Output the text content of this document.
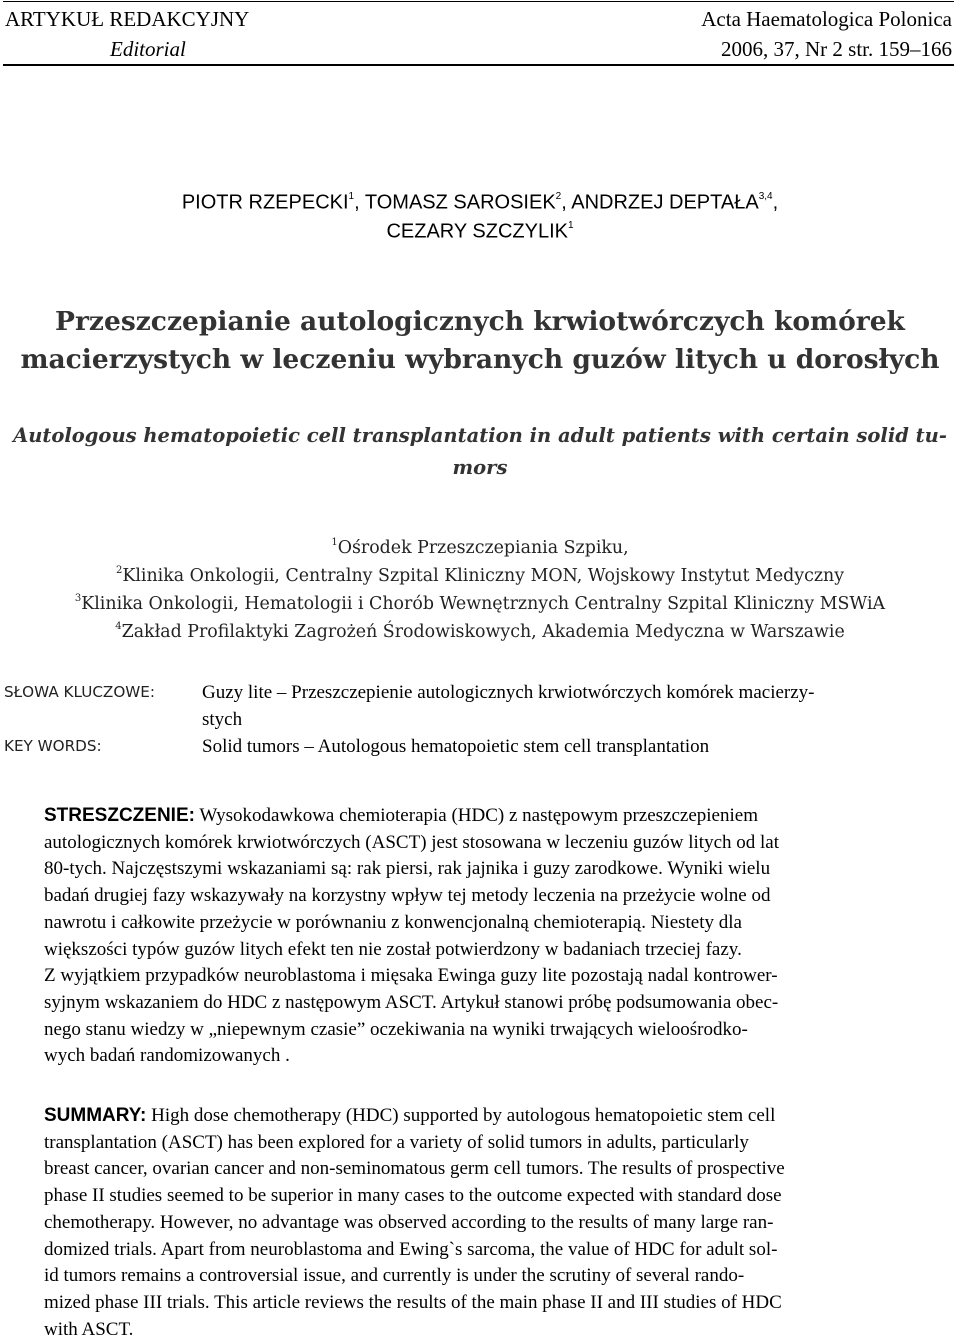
ARTYKUŁ REDAKCYJNY
Editorial
Acta Haematologica Polonica
2006, 37, Nr 2 str. 159–166
PIOTR RZEPECKI$^1$, TOMASZ SAROSIEK$^2$, ANDRZEJ DEPTAŁA$^{3,4}$,
CEZARY SZCZYLIK$^1$
Przeszczepianie autologicznych krwiotwórczych komórek
macierzystych w leczeniu wybranych guzów litych u dorosłych
Autologous hematopoietic cell transplantation in adult patients with certain solid tu-
mors
$^1$Ośrodek Przeszczepiania Szpiku,
$^2$Klinika Onkologii, Centralny Szpital Kliniczny MON, Wojskowy Instytut Medyczny
$^3$Klinika Onkologii, Hematologii i Chorób Wewnętrznych Centralny Szpital Kliniczny MSWiA
$^4$Zakład Profilaktyki Zagrożeń Środowiskowych, Akademia Medyczna w Warszawie
SŁOWA KLUCZOWE: Guzy lite – Przeszczepienie autologicznych krwiotwórczych komórek macierzy-
stych
KEY WORDS:	Solid tumors – Autologous hematopoietic stem cell transplantation
STRESZCZENIE: Wysokodawkowa chemioterapia (HDC) z następowym przeszczepieniem
autologicznych komórek krwiotwórczych (ASCT) jest stosowana w leczeniu guzów litych od lat
80-tych. Najczęstszymi wskazaniami są: rak piersi, rak jajnika i guzy zarodkowe. Wyniki wielu
badań drugiej fazy wskazywały na korzystny wpływ tej metody leczenia na przeżycie wolne od
nawrotu i całkowite przeżycie w porównaniu z konwencjonalną chemioterapią. Niestety dla
większości typów guzów litych efekt ten nie został potwierdzony w badaniach trzeciej fazy.
Z wyjątkiem przypadków neuroblastoma i mięsaka Ewinga guzy lite pozostają nadal kontrower-
syjnym wskazaniem do HDC z następowym ASCT. Artykuł stanowi próbę podsumowania obec-
nego stanu wiedzy w „niepewnym czasie” oczekiwania na wyniki trwających wieloośrodko-
wych badań randomizowanych .
SUMMARY: High dose chemotherapy (HDC) supported by autologous hematopoietic stem cell
transplantation (ASCT) has been explored for a variety of solid tumors in adults, particularly
breast cancer, ovarian cancer and non-seminomatous germ cell tumors. The results of prospective
phase II studies seemed to be superior in many cases to the outcome expected with standard dose
chemotherapy. However, no advantage was observed according to the results of many large ran-
domized trials. Apart from neuroblastoma and Ewing`s sarcoma, the value of HDC for adult sol-
id tumors remains a controversial issue, and currently is under the scrutiny of several rando-
mized phase III trials. This article reviews the results of the main phase II and III studies of HDC
with ASCT.
